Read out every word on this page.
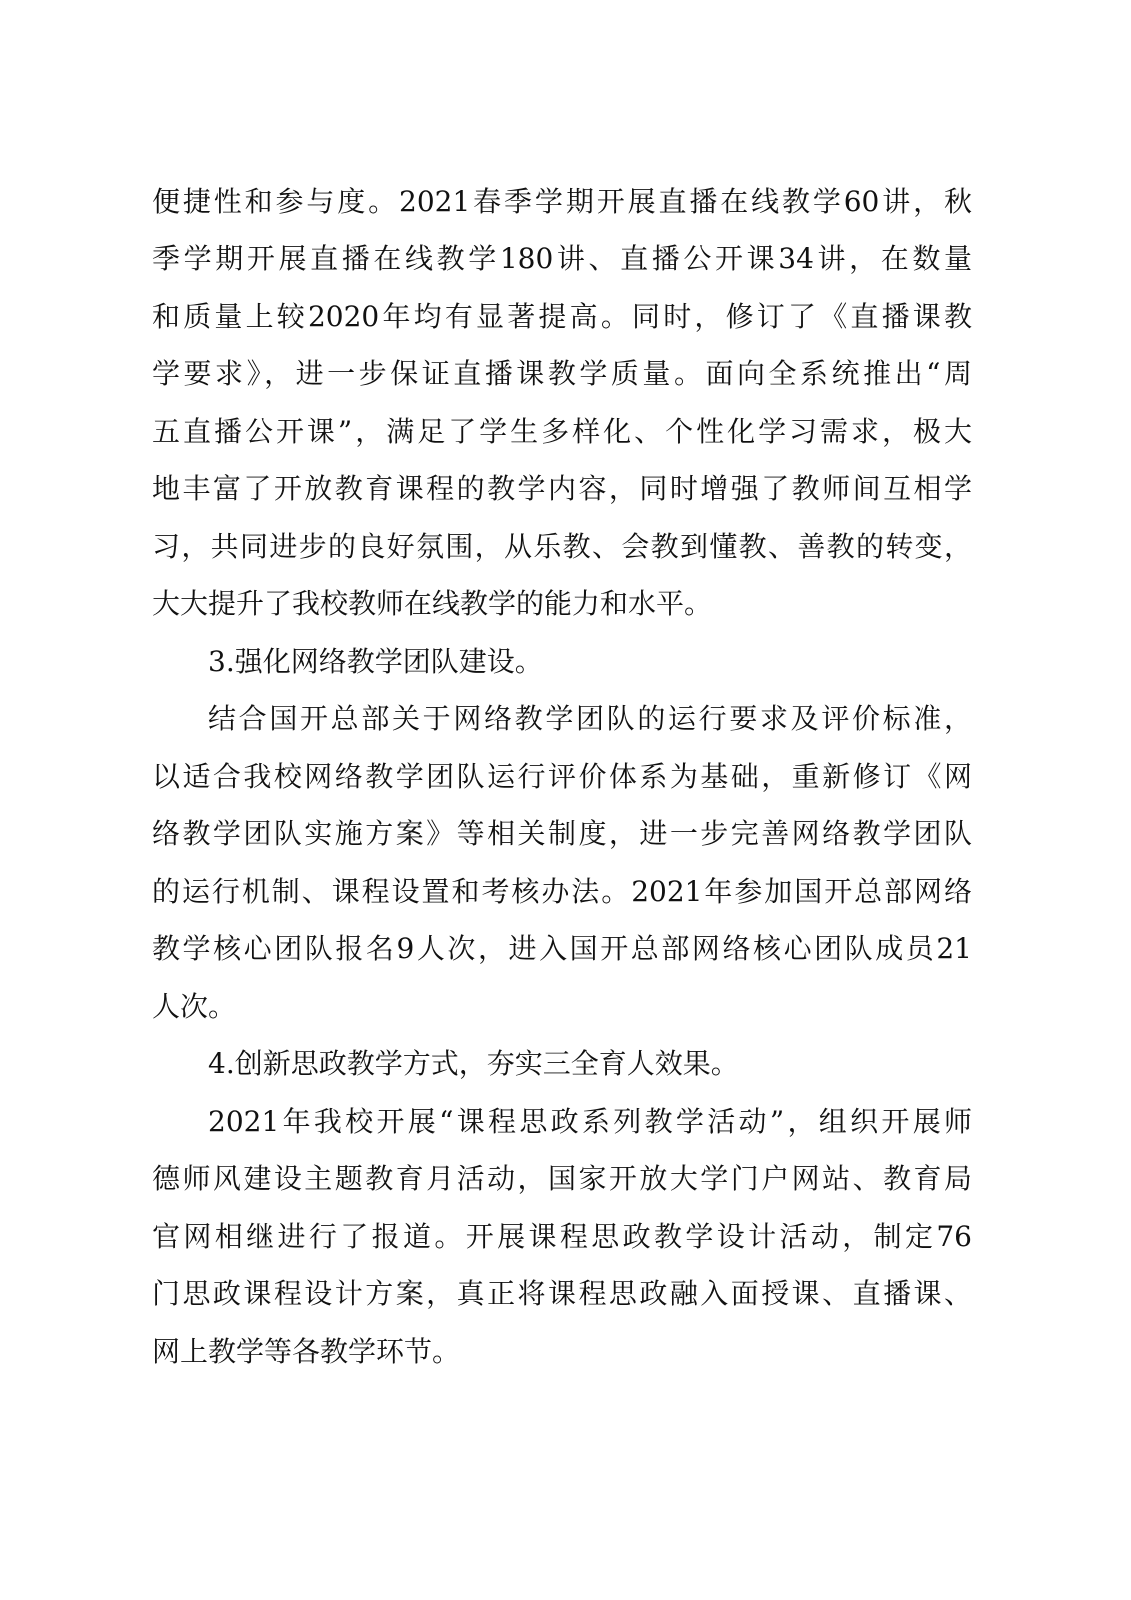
便捷性和参与度。2021春季学期开展直播在线教学60讲，秋
季学期开展直播在线教学180讲、直播公开课34讲，在数量
和质量上较2020年均有显著提高。同时，修订了《直播课教
学要求》，进一步保证直播课教学质量。面向全系统推出“周
五直播公开课”，满足了学生多样化、个性化学习需求，极大
地丰富了开放教育课程的教学内容，同时增强了教师间互相学
习，共同进步的良好氛围，从乐教、会教到懂教、善教的转变，
大大提升了我校教师在线教学的能力和水平。
3.强化网络教学团队建设。
结合国开总部关于网络教学团队的运行要求及评价标准，
以适合我校网络教学团队运行评价体系为基础，重新修订《网
络教学团队实施方案》等相关制度，进一步完善网络教学团队
的运行机制、课程设置和考核办法。2021年参加国开总部网络
教学核心团队报名9人次，进入国开总部网络核心团队成员21
人次。
4.创新思政教学方式，夯实三全育人效果。
2021年我校开展“课程思政系列教学活动”，组织开展师
德师风建设主题教育月活动，国家开放大学门户网站、教育局
官网相继进行了报道。开展课程思政教学设计活动，制定76
门思政课程设计方案，真正将课程思政融入面授课、直播课、
网上教学等各教学环节。
